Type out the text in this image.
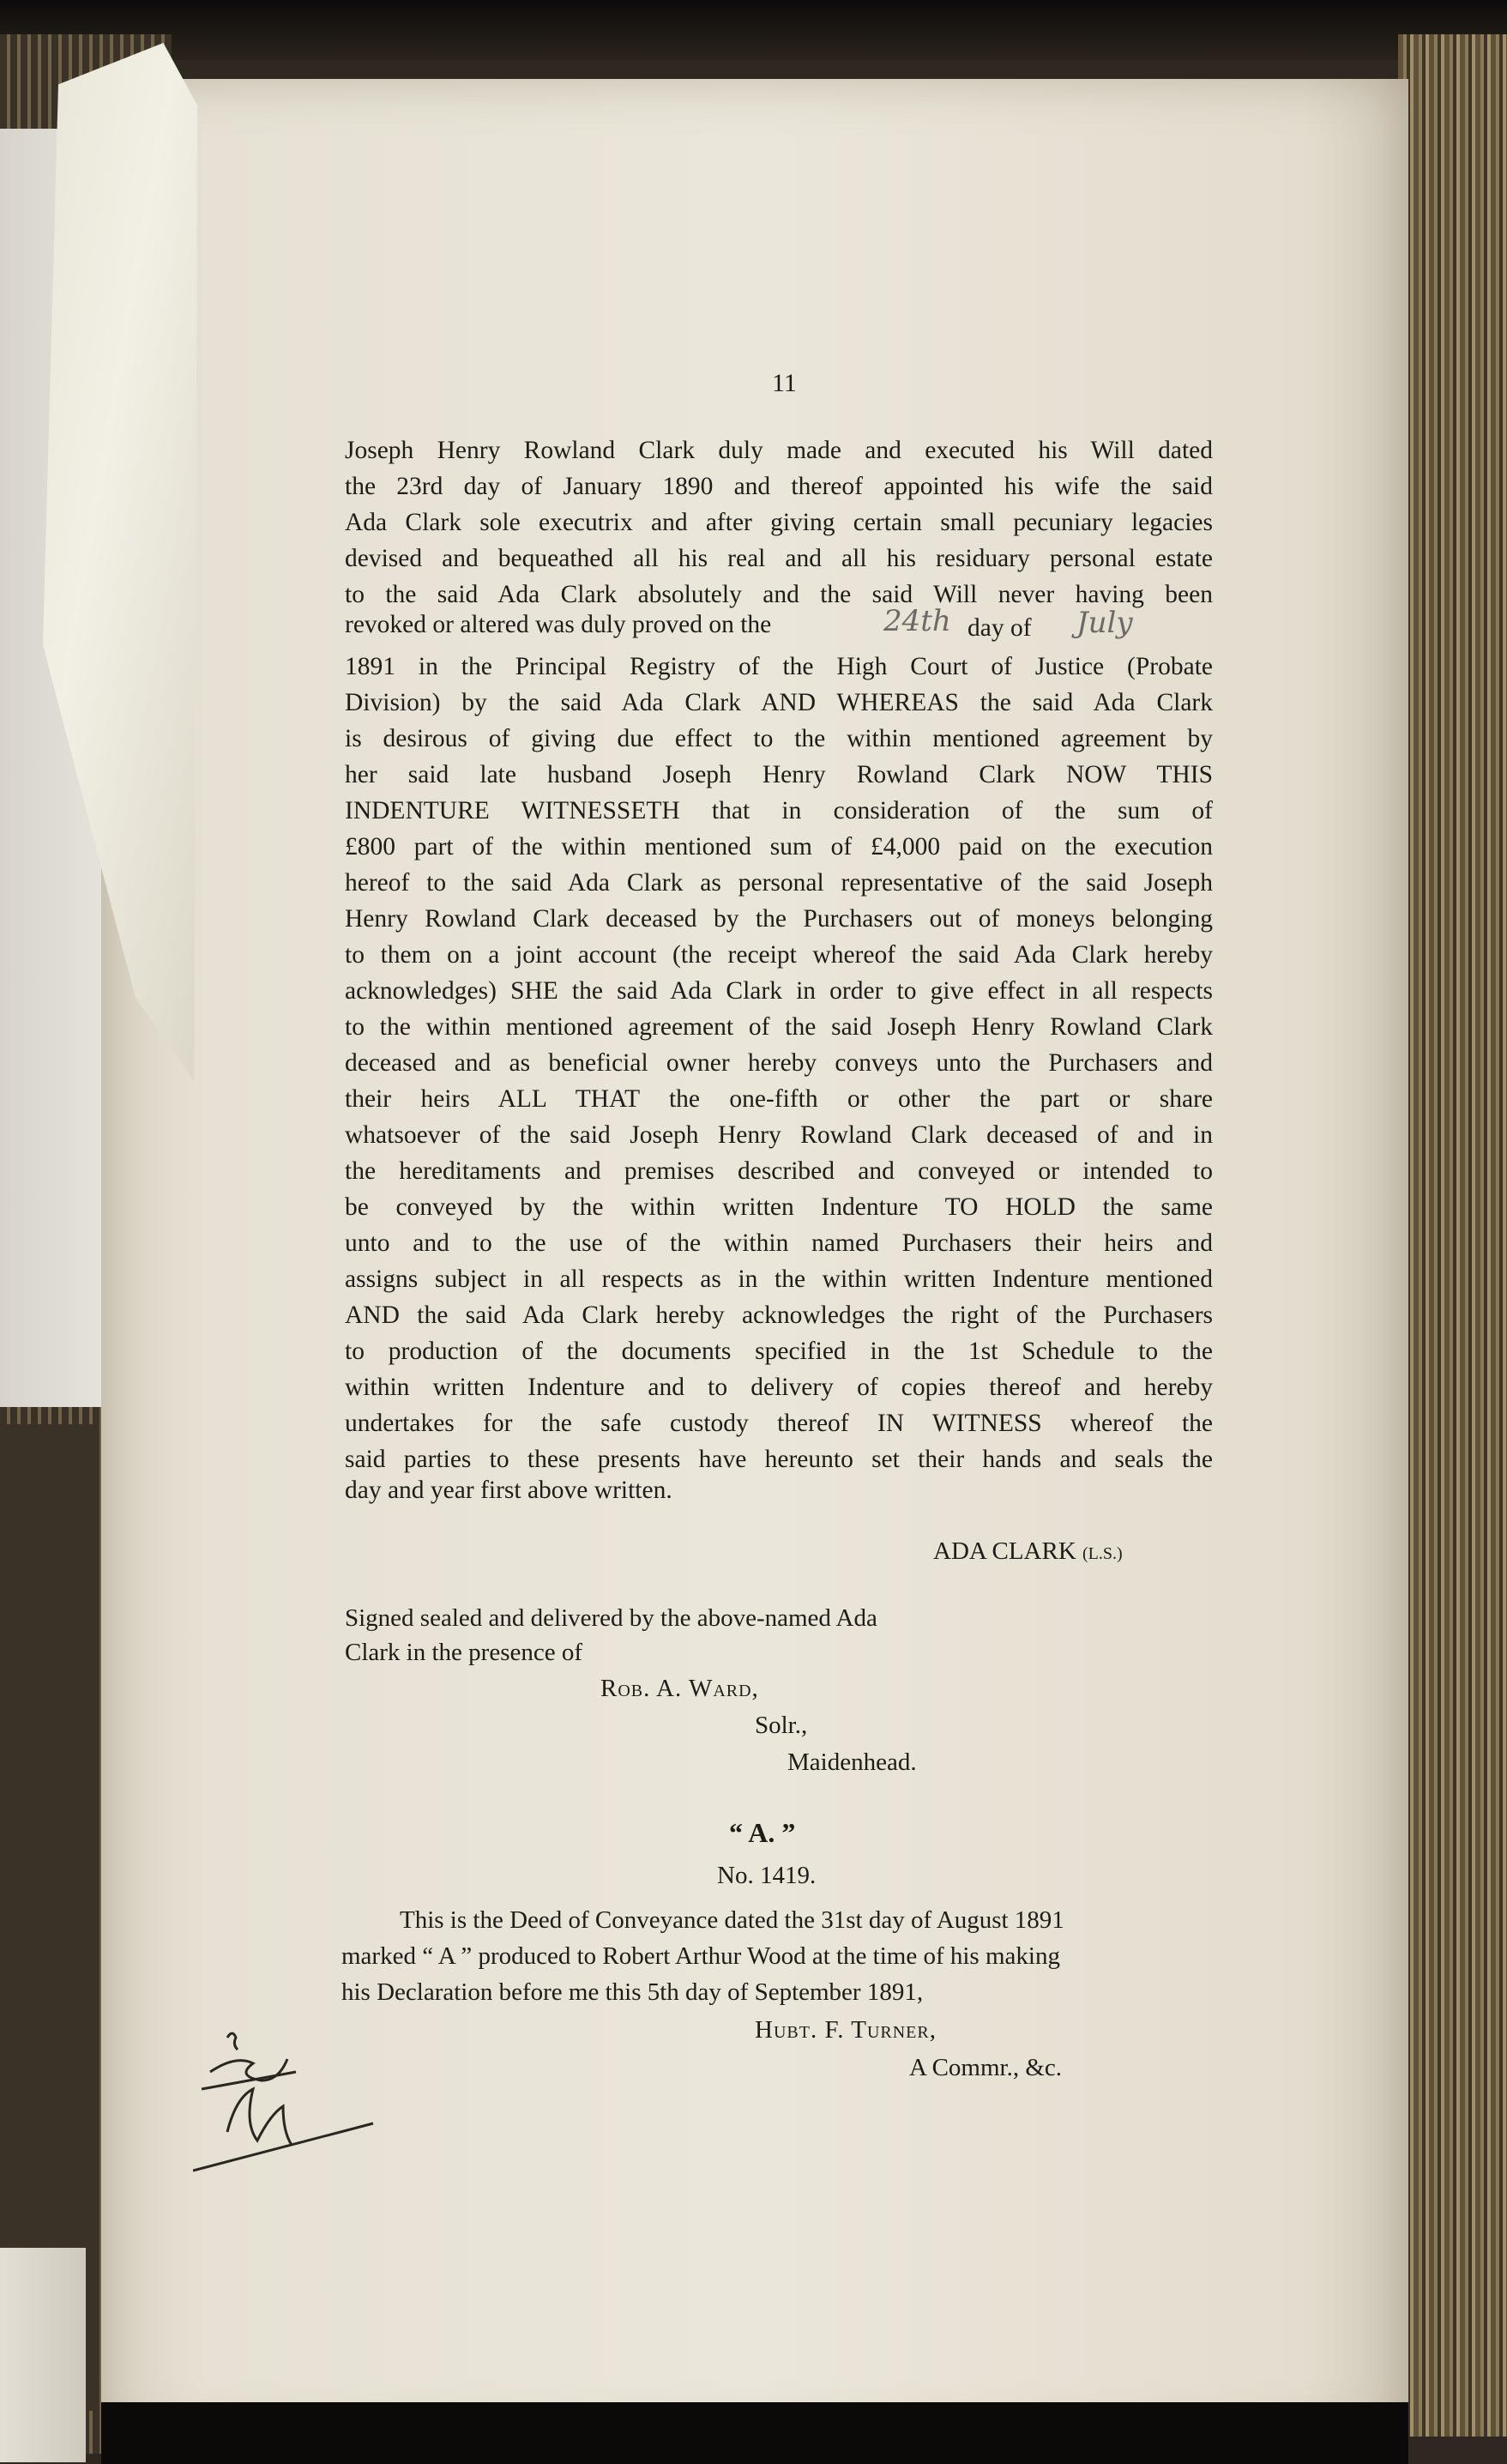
11
Joseph Henry Rowland Clark duly made and executed his Will dated
the 23rd day of January 1890 and thereof appointed his wife the said
Ada Clark sole executrix and after giving certain small pecuniary legacies
devised and bequeathed all his real and all his residuary personal estate
to the said Ada Clark absolutely and the said Will never having been
revoked or altered was duly proved on the	24th day of July
1891 in the Principal Registry of the High Court of Justice (Probate
Division) by the said Ada Clark AND WHEREAS the said Ada Clark
is desirous of giving due effect to the within mentioned agreement by
her said late husband Joseph Henry Rowland Clark NOW THIS
INDENTURE WITNESSETH that in consideration of the sum of
£800 part of the within mentioned sum of £4,000 paid on the execution
hereof to the said Ada Clark as personal representative of the said Joseph
Henry Rowland Clark deceased by the Purchasers out of moneys belonging
to them on a joint account (the receipt whereof the said Ada Clark hereby
acknowledges) SHE the said Ada Clark in order to give effect in all respects
to the within mentioned agreement of the said Joseph Henry Rowland Clark
deceased and as beneficial owner hereby conveys unto the Purchasers and
their heirs ALL THAT the one-fifth or other the part or share
whatsoever of the said Joseph Henry Rowland Clark deceased of and in
the hereditaments and premises described and conveyed or intended to
be conveyed by the within written Indenture TO HOLD the same
unto and to the use of the within named Purchasers their heirs and
assigns subject in all respects as in the within written Indenture mentioned
AND the said Ada Clark hereby acknowledges the right of the Purchasers
to production of the documents specified in the 1st Schedule to the
within written Indenture and to delivery of copies thereof and hereby
undertakes for the safe custody thereof IN WITNESS whereof the
said parties to these presents have hereunto set their hands and seals the
day and year first above written.
ADA CLARK (L.S.)
Signed sealed and delivered by the above-named Ada
Clark in the presence of
Rob. A. Ward,
Solr.,
Maidenhead.
“ A. ”
No. 1419.
This is the Deed of Conveyance dated the 31st day of August 1891
marked “ A ” produced to Robert Arthur Wood at the time of his making
his Declaration before me this 5th day of September 1891,
Hubt. F. Turner,
A Commr., &c.
